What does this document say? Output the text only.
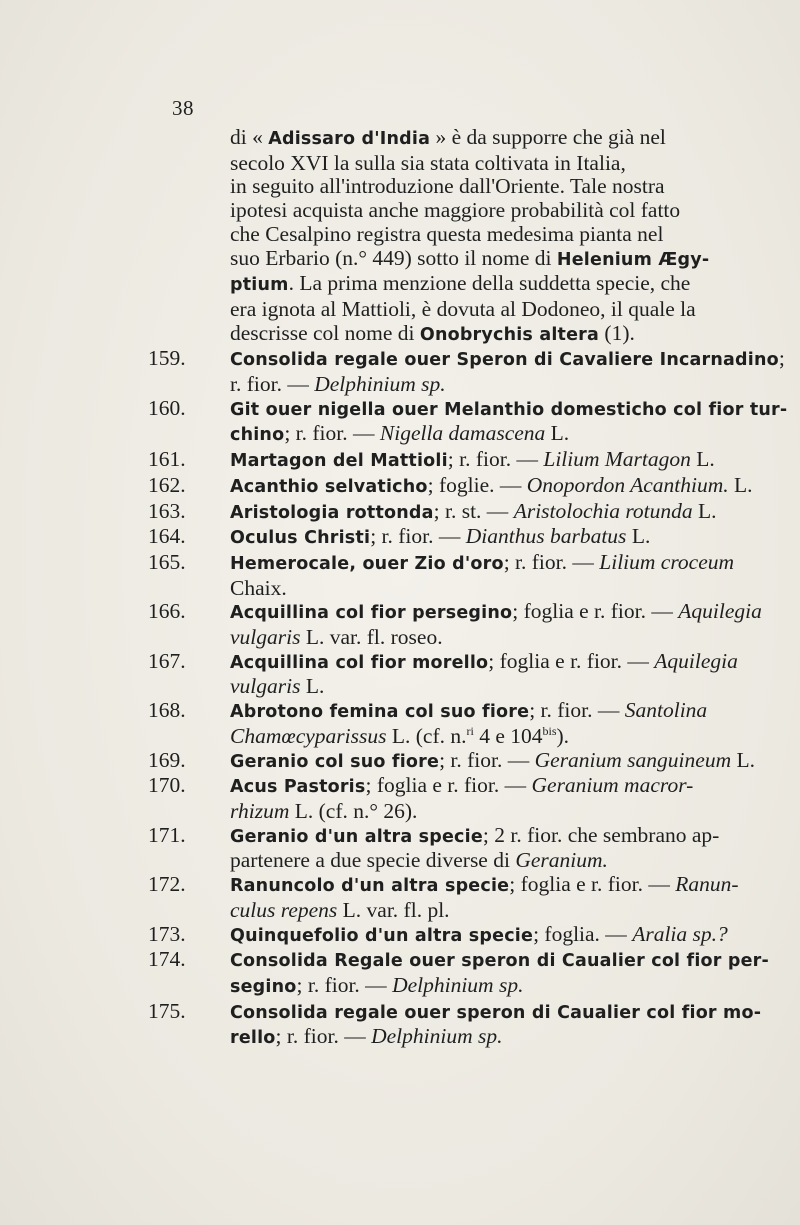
38
di « Adissaro d'India » è da supporre che già nel
secolo XVI la sulla sia stata coltivata in Italia,
in seguito all'introduzione dall'Oriente. Tale nostra
ipotesi acquista anche maggiore probabilità col fatto
che Cesalpino registra questa medesima pianta nel
suo Erbario (n.° 449) sotto il nome di Helenium Ægy-
ptium. La prima menzione della suddetta specie, che
era ignota al Mattioli, è dovuta al Dodoneo, il quale la
descrisse col nome di Onobrychis altera (1).
159.	Consolida regale ouer Speron di Cavaliere Incarnadino;
r. fior. — Delphinium sp.
160.	Git ouer nigella ouer Melanthio domesticho col fior tur-
chino; r. fior. — Nigella damascena L.
161.	Martagon del Mattioli; r. fior. — Lilium Martagon L.
162.	Acanthio selvaticho; foglie. — Onopordon Acanthium. L.
163.	Aristologia rottonda; r. st. — Aristolochia rotunda L.
164.	Oculus Christi; r. fior. — Dianthus barbatus L.
165.	Hemerocale, ouer Zio d'oro; r. fior. — Lilium croceum
Chaix.
166.	Acquillina col fior persegino; foglia e r. fior. — Aquilegia
vulgaris L. var. fl. roseo.
167.	Acquillina col fior morello; foglia e r. fior. — Aquilegia
vulgaris L.
168.	Abrotono femina col suo fiore; r. fior. — Santolina
Chamœcyparissus L. (cf. n.$^{ri}$ 4 e $104^{bis}$).
169.	Geranio col suo fiore; r. fior. — Geranium sanguineum L.
170.	Acus Pastoris; foglia e r. fior. — Geranium macror-
rhizum L. (cf. n.° 26).
171.	Geranio d'un altra specie; 2 r. fior. che sembrano ap-
partenere a due specie diverse di Geranium.
172.	Ranuncolo d'un altra specie; foglia e r. fior. — Ranun-
culus repens L. var. fl. pl.
173.	Quinquefolio d'un altra specie; foglia. — Aralia sp.?
174.	Consolida Regale ouer speron di Caualier col fior per-
segino; r. fior. — Delphinium sp.
175.	Consolida regale ouer speron di Caualier col fior mo-
rello; r. fior. — Delphinium sp.
